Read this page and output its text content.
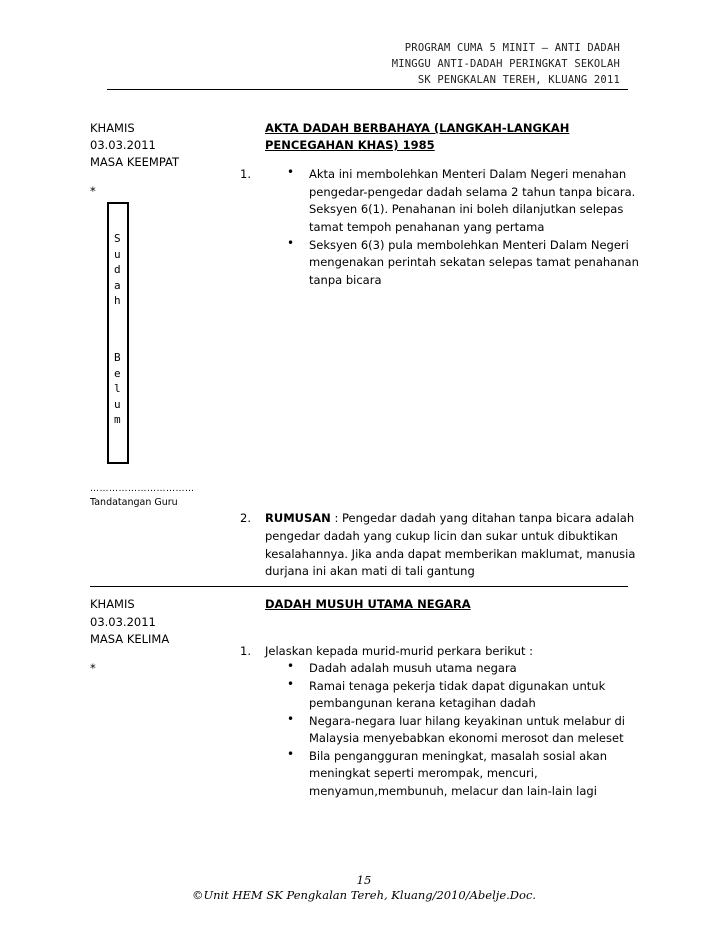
PROGRAM CUMA 5 MINIT – ANTI DADAH
MINGGU ANTI-DADAH PERINGKAT SEKOLAH
SK PENGKALAN TEREH, KLUANG 2011
KHAMIS
03.03.2011
MASA KEEMPAT
*
S
u
d
a
h
B
e
l
u
m
……………………………
Tandatangan Guru
AKTA DADAH BERBAHAYA (LANGKAH-LANGKAH
PENCEGAHAN KHAS) 1985
1.	• Akta ini membolehkan Menteri Dalam Negeri menahan
pengedar-pengedar dadah selama 2 tahun tanpa bicara.
Seksyen 6(1). Penahanan ini boleh dilanjutkan selepas
tamat tempoh penahanan yang pertama
• Seksyen 6(3) pula membolehkan Menteri Dalam Negeri
mengenakan perintah sekatan selepas tamat penahanan
tanpa bicara
2. RUMUSAN : Pengedar dadah yang ditahan tanpa bicara adalah
pengedar dadah yang cukup licin dan sukar untuk dibuktikan
kesalahannya. Jika anda dapat memberikan maklumat, manusia
durjana ini akan mati di tali gantung
KHAMIS
03.03.2011
MASA KELIMA
*
DADAH MUSUH UTAMA NEGARA
1. Jelaskan kepada murid-murid perkara berikut :
• Dadah adalah musuh utama negara
• Ramai tenaga pekerja tidak dapat digunakan untuk
pembangunan kerana ketagihan dadah
• Negara-negara luar hilang keyakinan untuk melabur di
Malaysia menyebabkan ekonomi merosot dan meleset
• Bila pengangguran meningkat, masalah sosial akan
meningkat seperti merompak, mencuri,
menyamun,membunuh, melacur dan lain-lain lagi
15
©Unit HEM SK Pengkalan Tereh, Kluang/2010/Abelje.Doc.
